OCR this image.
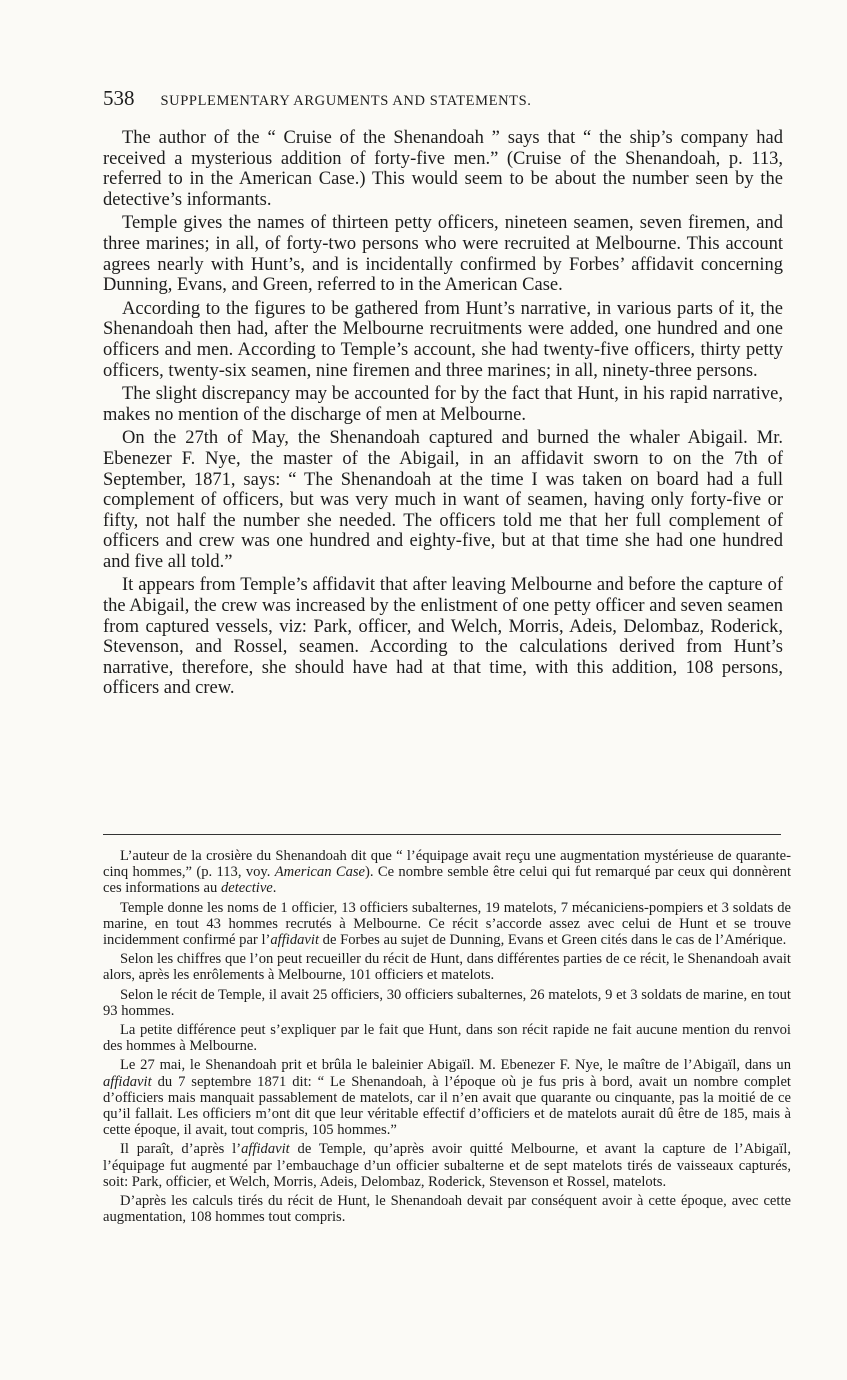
538 SUPPLEMENTARY ARGUMENTS AND STATEMENTS.

The author of the “ Cruise of the Shenandoah ” says that “ the ship’s company had received a mysterious addition of forty-five men.” (Cruise of the Shenandoah, p. 113, referred to in the American Case.) This would seem to be about the number seen by the detective’s informants.

Temple gives the names of thirteen petty officers, nineteen seamen, seven firemen, and three marines; in all, of forty-two persons who were recruited at Melbourne. This account agrees nearly with Hunt’s, and is incidentally confirmed by Forbes’ affidavit concerning Dunning, Evans, and Green, referred to in the American Case.

According to the figures to be gathered from Hunt’s narrative, in various parts of it, the Shenandoah then had, after the Melbourne recruitments were added, one hundred and one officers and men. According to Temple’s account, she had twenty-five officers, thirty petty officers, twenty-six seamen, nine firemen and three marines; in all, ninety-three persons.

The slight discrepancy may be accounted for by the fact that Hunt, in his rapid narrative, makes no mention of the discharge of men at Melbourne.

On the 27th of May, the Shenandoah captured and burned the whaler Abigail. Mr. Ebenezer F. Nye, the master of the Abigail, in an affidavit sworn to on the 7th of September, 1871, says: “ The Shenandoah at the time I was taken on board had a full complement of officers, but was very much in want of seamen, having only forty-five or fifty, not half the number she needed. The officers told me that her full complement of officers and crew was one hundred and eighty-five, but at that time she had one hundred and five all told.”

It appears from Temple’s affidavit that after leaving Melbourne and before the capture of the Abigail, the crew was increased by the enlistment of one petty officer and seven seamen from captured vessels, viz: Park, officer, and Welch, Morris, Adeis, Delombaz, Roderick, Stevenson, and Rossel, seamen. According to the calculations derived from Hunt’s narrative, therefore, she should have had at that time, with this addition, 108 persons, officers and crew.

L’auteur de la crosière du Shenandoah dit que “ l’équipage avait reçu une augmentation mystérieuse de quarante-cinq hommes,” (p. 113, voy. American Case). Ce nombre semble être celui qui fut remarqué par ceux qui donnèrent ces informations au detective.

Temple donne les noms de 1 officier, 13 officiers subalternes, 19 matelots, 7 mécaniciens-pompiers et 3 soldats de marine, en tout 43 hommes recrutés à Melbourne. Ce récit s’accorde assez avec celui de Hunt et se trouve incidemment confirmé par l’affidavit de Forbes au sujet de Dunning, Evans et Green cités dans le cas de l’Amérique.

Selon les chiffres que l’on peut recueiller du récit de Hunt, dans différentes parties de ce récit, le Shenandoah avait alors, après les enrôlements à Melbourne, 101 officiers et matelots.

Selon le récit de Temple, il avait 25 officiers, 30 officiers subalternes, 26 matelots, 9 et 3 soldats de marine, en tout 93 hommes.

La petite différence peut s’expliquer par le fait que Hunt, dans son récit rapide ne fait aucune mention du renvoi des hommes à Melbourne.

Le 27 mai, le Shenandoah prit et brûla le baleinier Abigaïl. M. Ebenezer F. Nye, le maître de l’Abigaïl, dans un affidavit du 7 septembre 1871 dit: “ Le Shenandoah, à l’époque où je fus pris à bord, avait un nombre complet d’officiers mais manquait passablement de matelots, car il n’en avait que quarante ou cinquante, pas la moitié de ce qu’il fallait. Les officiers m’ont dit que leur véritable effectif d’officiers et de matelots aurait dû être de 185, mais à cette époque, il avait, tout compris, 105 hommes.”

Il paraît, d’après l’affidavit de Temple, qu’après avoir quitté Melbourne, et avant la capture de l’Abigaïl, l’équipage fut augmenté par l’embauchage d’un officier subalterne et de sept matelots tirés de vaisseaux capturés, soit: Park, officier, et Welch, Morris, Adeis, Delombaz, Roderick, Stevenson et Rossel, matelots.

D’après les calculs tirés du récit de Hunt, le Shenandoah devait par conséquent avoir à cette époque, avec cette augmentation, 108 hommes tout compris.
